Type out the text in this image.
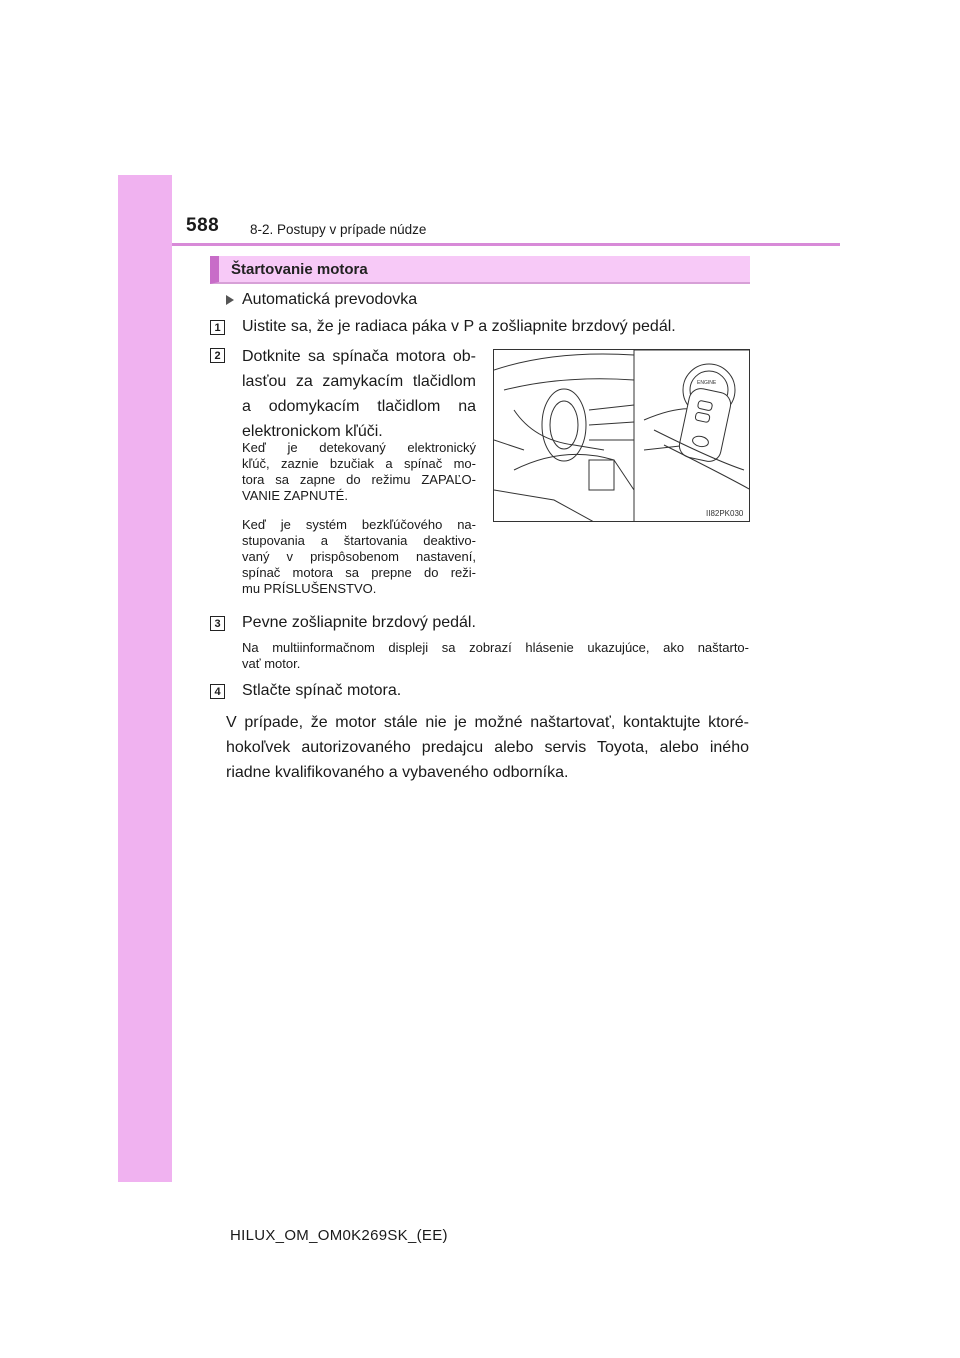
588 8-2. Postupy v prípade núdze
Štartovanie motora
Automatická prevodovka
1 Uistite sa, že je radiaca páka v P a zošliapnite brzdový pedál.
2 Dotknite sa spínača motora ob-
lasťou za zamykacím tlačidlom
a odomykacím tlačidlom na
elektronickom kľúči.
Keď je detekovaný elektronický
kľúč, zaznie bzučiak a spínač mo-
tora sa zapne do režimu ZAPAĽO-
VANIE ZAPNUTÉ.
Keď je systém bezkľúčového na-
stupovania a štartovania deaktivo-
vaný v prispôsobenom nastavení,
spínač motora sa prepne do reži-
mu PRÍSLUŠENSTVO.
ENGINE
II82PK030
3 Pevne zošliapnite brzdový pedál.
Na multiinformačnom displeji sa zobrazí hlásenie ukazujúce, ako naštarto-
vať motor.
4 Stlačte spínač motora.
V prípade, že motor stále nie je možné naštartovať, kontaktujte ktoré-
hokoľvek autorizovaného predajcu alebo servis Toyota, alebo iného
riadne kvalifikovaného a vybaveného odborníka.
HILUX_OM_OM0K269SK_(EE)
